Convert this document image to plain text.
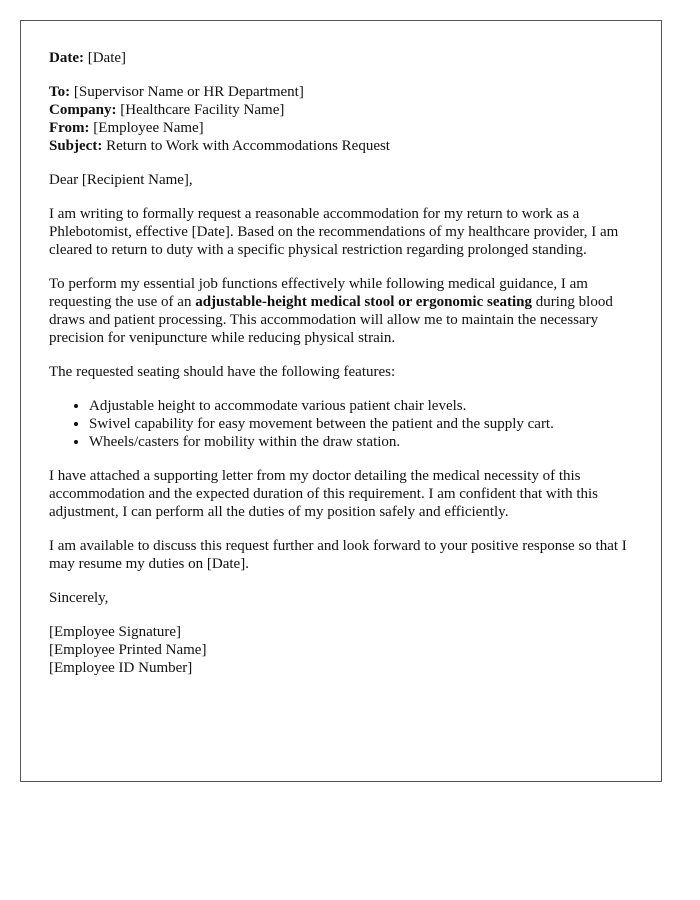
Date: [Date]
To: [Supervisor Name or HR Department]
Company: [Healthcare Facility Name]
From: [Employee Name]
Subject: Return to Work with Accommodations Request

Dear [Recipient Name],

I am writing to formally request a reasonable accommodation for my return to work as a Phlebotomist, effective [Date]. Based on the recommendations of my healthcare provider, I am cleared to return to duty with a specific physical restriction regarding prolonged standing.

To perform my essential job functions effectively while following medical guidance, I am requesting the use of an adjustable-height medical stool or ergonomic seating during blood draws and patient processing. This accommodation will allow me to maintain the necessary precision for venipuncture while reducing physical strain.

The requested seating should have the following features:

• Adjustable height to accommodate various patient chair levels.
• Swivel capability for easy movement between the patient and the supply cart.
• Wheels/casters for mobility within the draw station.

I have attached a supporting letter from my doctor detailing the medical necessity of this accommodation and the expected duration of this requirement. I am confident that with this adjustment, I can perform all the duties of my position safely and efficiently.

I am available to discuss this request further and look forward to your positive response so that I may resume my duties on [Date].

Sincerely,

[Employee Signature]
[Employee Printed Name]
[Employee ID Number]
